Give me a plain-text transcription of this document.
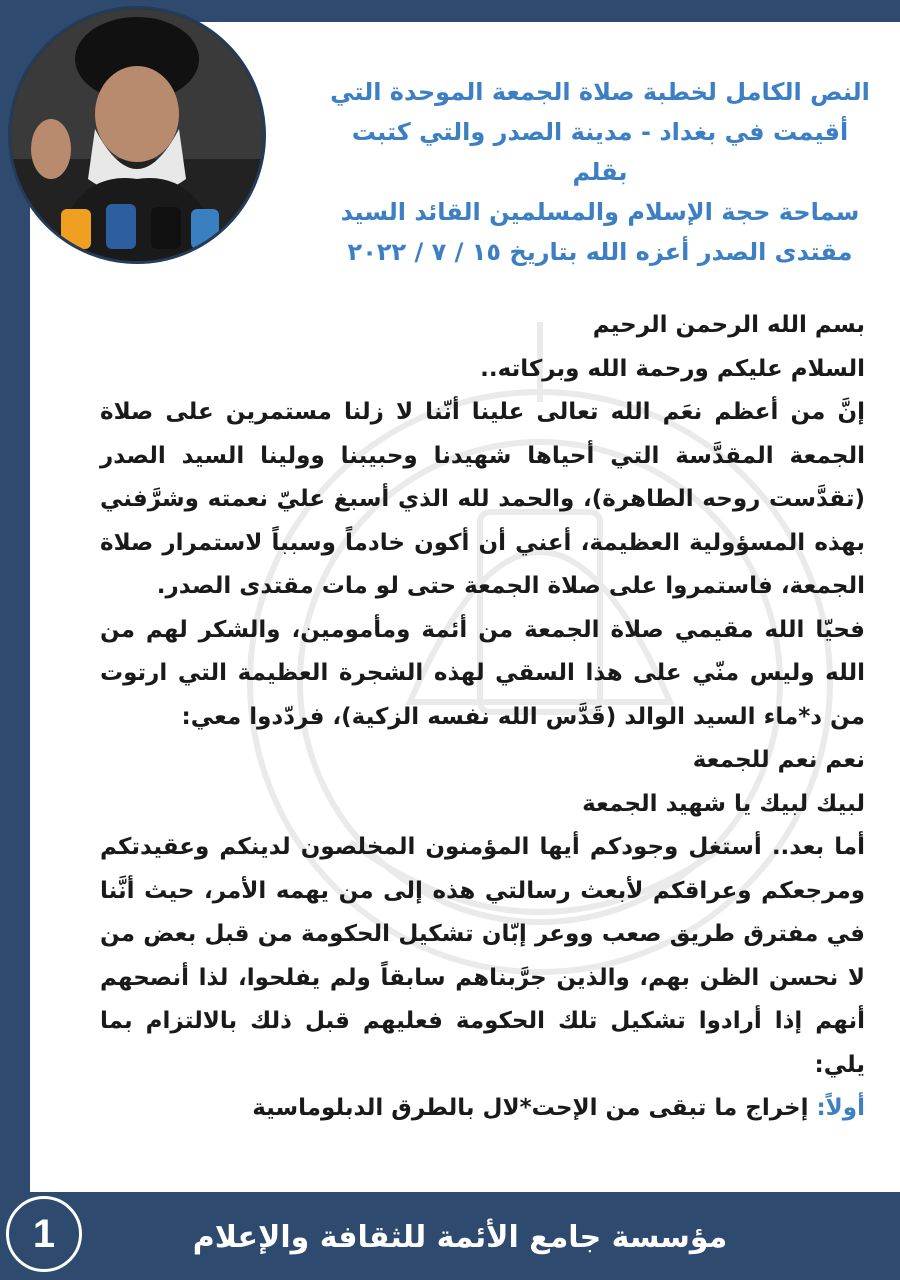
النص الكامل لخطبة صلاة الجمعة الموحدة التي
أقيمت في بغداد - مدينة الصدر والتي كتبت بقلم
سماحة حجة الإسلام والمسلمين القائد السيد
مقتدى الصدر أعزه الله بتاريخ ١٥ / ٧ / ٢٠٢٢

بسم الله الرحمن الرحيم

السلام عليكم ورحمة الله وبركاته..

إنَّ من أعظم نعَم الله تعالى علينا أنّنا لا زلنا مستمرين على صلاة الجمعة المقدَّسة التي أحياها شهيدنا وحبيبنا وولينا السيد الصدر (تقدَّست روحه الطاهرة)، والحمد لله الذي أسبغ عليّ نعمته وشرَّفني بهذه المسؤولية العظيمة، أعني أن أكون خادماً وسبباً لاستمرار صلاة الجمعة، فاستمروا على صلاة الجمعة حتى لو مات مقتدى الصدر.

فحيّا الله مقيمي صلاة الجمعة من أئمة ومأمومين، والشكر لهم من الله وليس منّي على هذا السقي لهذه الشجرة العظيمة التي ارتوت من د*ماء السيد الوالد (قَدَّس الله نفسه الزكية)، فردّدوا معي:

نعم نعم للجمعة

لبيك لبيك يا شهيد الجمعة

أما بعد.. أستغل وجودكم أيها المؤمنون المخلصون لدينكم وعقيدتكم ومرجعكم وعراقكم لأبعث رسالتي هذه إلى من يهمه الأمر، حيث أنَّنا في مفترق طريق صعب ووعر إبّان تشكيل الحكومة من قبل بعض من لا نحسن الظن بهم، والذين جرَّبناهم سابقاً ولم يفلحوا، لذا أنصحهم أنهم إذا أرادوا تشكيل تلك الحكومة فعليهم قبل ذلك بالالتزام بما يلي:

أولاً: إخراج ما تبقى من الإحت*لال بالطرق الدبلوماسية

1	مؤسسة جامع الأئمة للثقافة والإعلام
